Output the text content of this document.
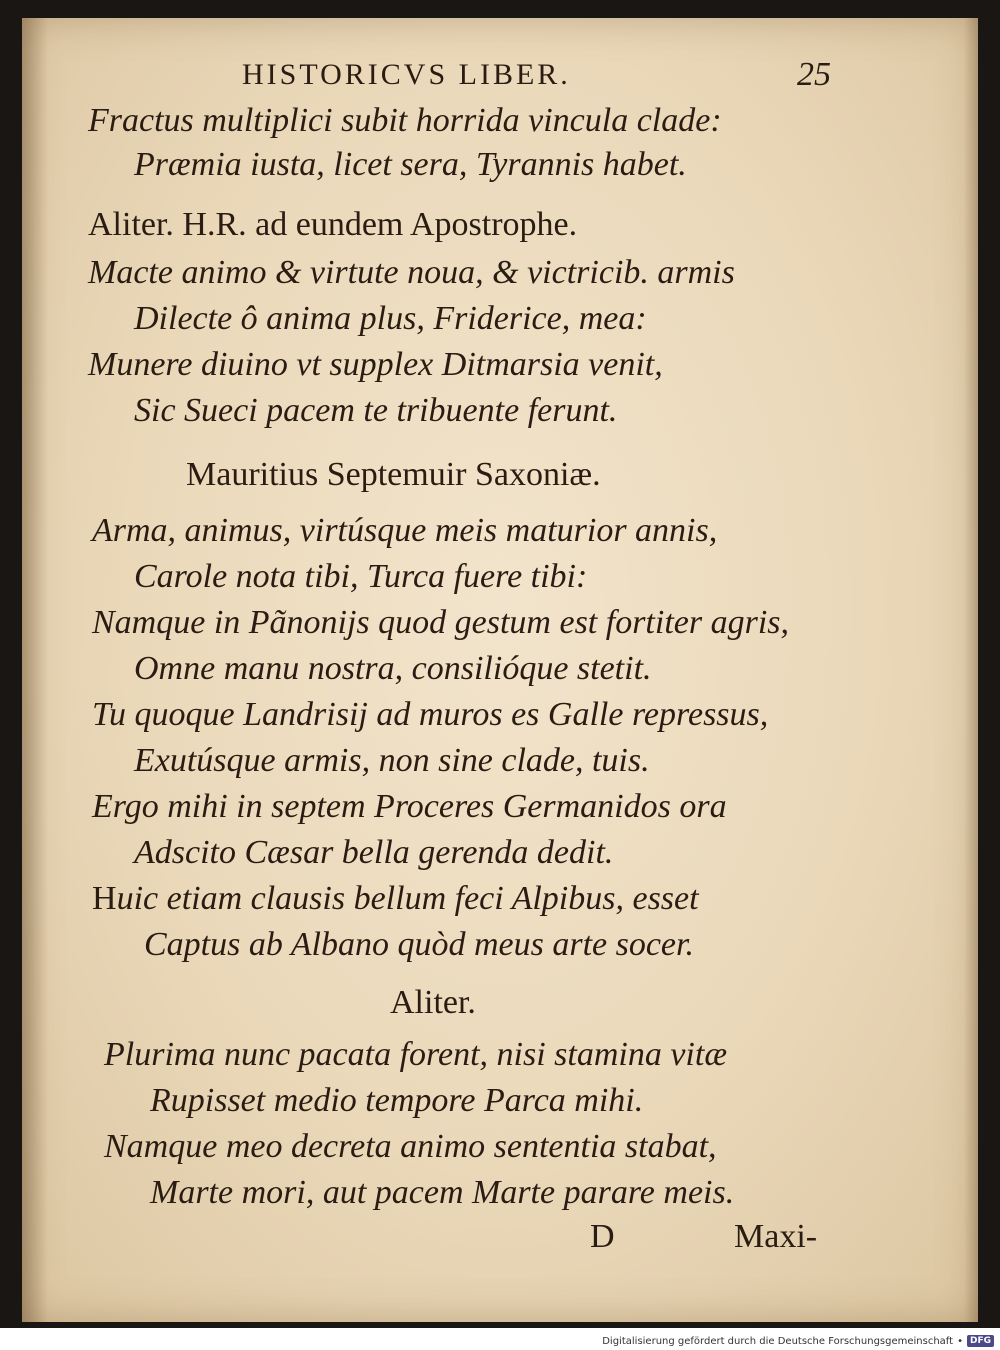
HISTORICVS LIBER.	25

Fractus multiplici subit horrida vincula clade:

Præmia iusta, licet sera, Tyrannis habet.

Aliter. H.R. ad eundem Apostrophe.

Macte animo & virtute noua, & victricib. armis

Dilecte ô anima plus, Friderice, mea:

Munere diuino vt supplex Ditmarsia venit,

Sic Sueci pacem te tribuente ferunt.

Mauritius Septemuir Saxoniæ.

Arma, animus, virtúsque meis maturior annis,

Carole nota tibi, Turca fuere tibi:

Namque in Pãnonijs quod gestum est fortiter agris,

Omne manu nostra, consilióque stetit.

Tu quoque Landrisij ad muros es Galle repressus,

Exutúsque armis, non sine clade, tuis.

Ergo mihi in septem Proceres Germanidos ora

Adscito Cæsar bella gerenda dedit.

Huic etiam clausis bellum feci Alpibus, esset

Captus ab Albano quòd meus arte socer.

Aliter.

Plurima nunc pacata forent, nisi stamina vitæ

Rupisset medio tempore Parca mihi.

Namque meo decreta animo sententia stabat,

Marte mori, aut pacem Marte parare meis.

D	Maxi-

Digitalisierung gefördert durch die Deutsche Forschungsgemeinschaft • DFG
